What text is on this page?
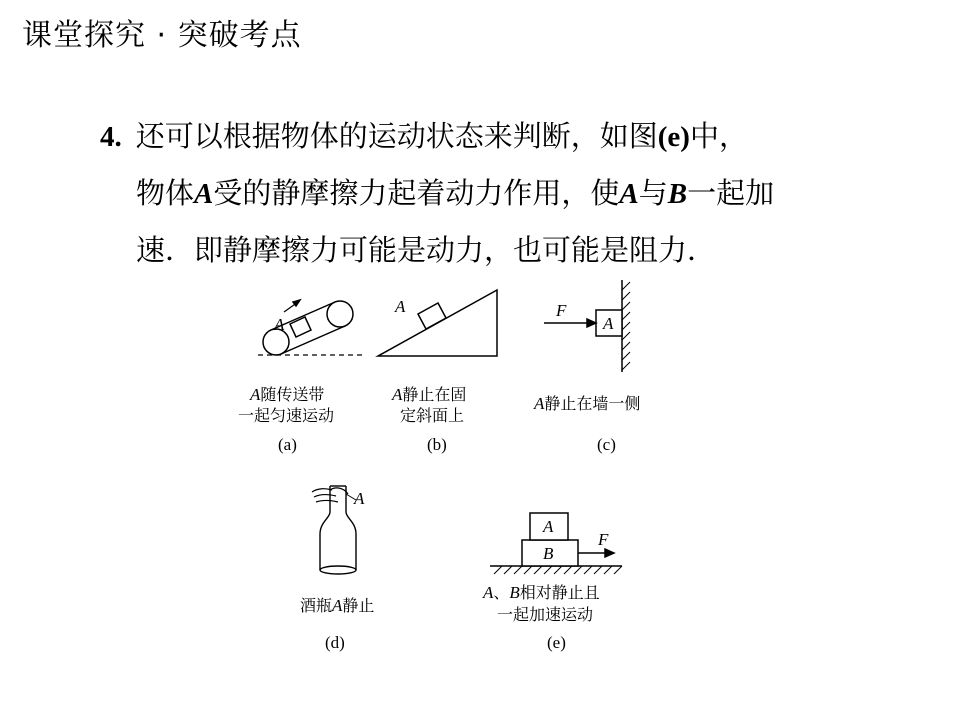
课堂探究 · 突破考点
4. 还可以根据物体的运动状态来判断，如图(e)中，
物体A受的静摩擦力起着动力作用，使A与B一起加
速．即静摩擦力可能是动力，也可能是阻力．
A
A随传送带
一起匀速运动
(a)
A
A静止在固
定斜面上
(b)
A
F
A静止在墙一侧
(c)
A
酒瓶A静止
(d)
A
B
F
A、B相对静止且
一起加速运动
(e)
